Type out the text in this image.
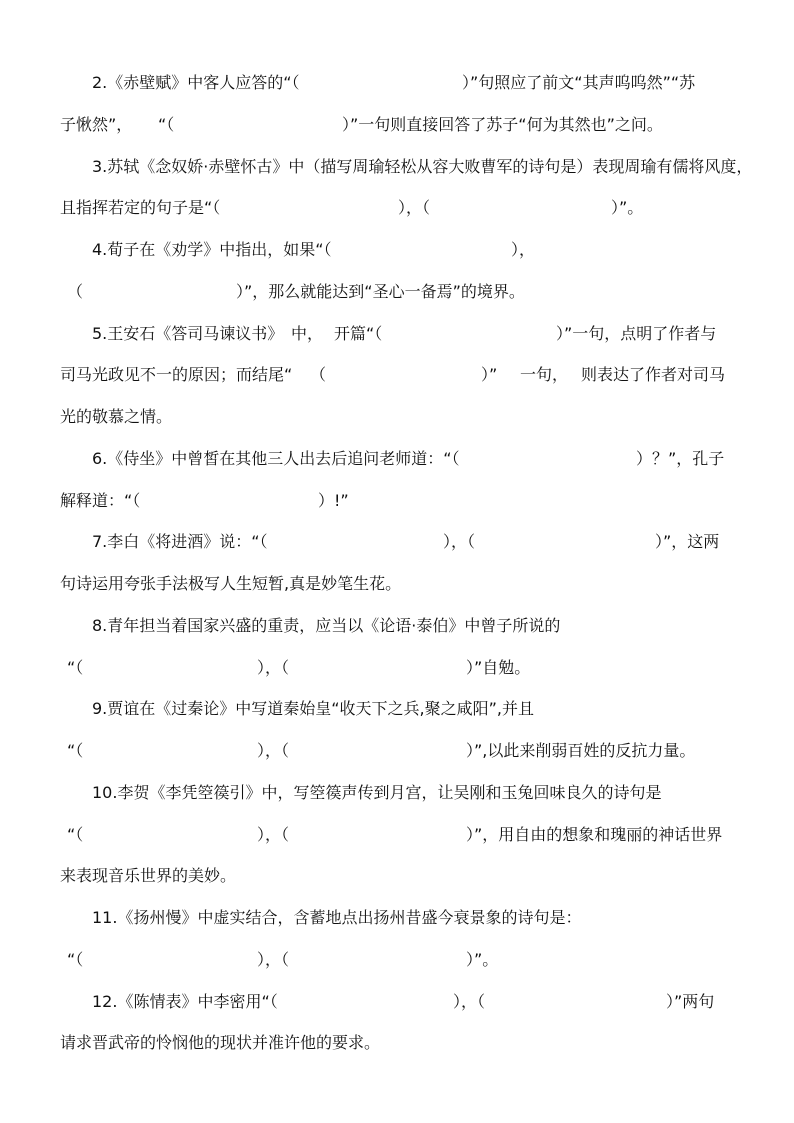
2.《赤壁赋》中客人应答的“（	）”句照应了前文“其声呜呜然”“苏
子愀然”， “（	）”一句则直接回答了苏子“何为其然也”之问。
3.苏轼《念奴娇·赤壁怀古》中（描写周瑜轻松从容大败曹军的诗句是）表现周瑜有儒将风度，
且指挥若定的句子是“（	），（	）”。
4.荀子在《劝学》中指出，如果“（	），
（	）”，那么就能达到“圣心一备焉”的境界。
5.王安石《答司马谏议书》 中， 开篇“（	）”一句，点明了作者与
司马光政见不一的原因；而结尾“ （	）” 一句， 则表达了作者对司马
光的敬慕之情。
6.《侍坐》中曾皙在其他三人出去后追问老师道：“（	）？”，孔子
解释道：“（	）!”
7.李白《将进酒》说：“（	），（	）”，这两
句诗运用夸张手法极写人生短暂,真是妙笔生花。
8.青年担当着国家兴盛的重责，应当以《论语·泰伯》中曾子所说的
“（	），（	）”自勉。
9.贾谊在《过秦论》中写道秦始皇“收天下之兵,聚之咸阳”,并且
“（	），（	）”,以此来削弱百姓的反抗力量。
10.李贺《李凭箜篌引》中，写箜篌声传到月宫，让吴刚和玉兔回味良久的诗句是
“（	），（	）”，用自由的想象和瑰丽的神话世界
来表现音乐世界的美妙。
11.《扬州慢》中虚实结合，含蓄地点出扬州昔盛今衰景象的诗句是：
“（	），（	）”。
12.《陈情表》中李密用“（	），（	）”两句
请求晋武帝的怜悯他的现状并准许他的要求。
